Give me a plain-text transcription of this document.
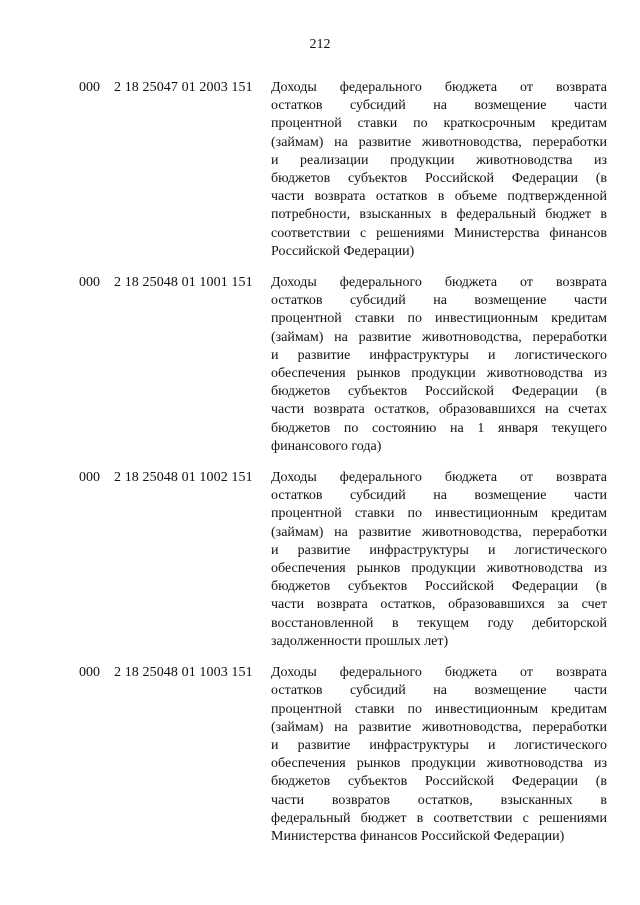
212
000 2 18 25047 01 2003 151 Доходы федерального бюджета от возврата
остатков субсидий на возмещение части
процентной ставки по краткосрочным кредитам
(займам) на развитие животноводства, переработки
и реализации продукции животноводства из
бюджетов субъектов Российской Федерации (в
части возврата остатков в объеме подтвержденной
потребности, взысканных в федеральный бюджет в
соответствии с решениями Министерства финансов
Российской Федерации)
000 2 18 25048 01 1001 151 Доходы федерального бюджета от возврата
остатков субсидий на возмещение части
процентной ставки по инвестиционным кредитам
(займам) на развитие животноводства, переработки
и развитие инфраструктуры и логистического
обеспечения рынков продукции животноводства из
бюджетов субъектов Российской Федерации (в
части возврата остатков, образовавшихся на счетах
бюджетов по состоянию на 1 января текущего
финансового года)
000 2 18 25048 01 1002 151 Доходы федерального бюджета от возврата
остатков субсидий на возмещение части
процентной ставки по инвестиционным кредитам
(займам) на развитие животноводства, переработки
и развитие инфраструктуры и логистического
обеспечения рынков продукции животноводства из
бюджетов субъектов Российской Федерации (в
части возврата остатков, образовавшихся за счет
восстановленной в текущем году дебиторской
задолженности прошлых лет)
000 2 18 25048 01 1003 151 Доходы федерального бюджета от возврата
остатков субсидий на возмещение части
процентной ставки по инвестиционным кредитам
(займам) на развитие животноводства, переработки
и развитие инфраструктуры и логистического
обеспечения рынков продукции животноводства из
бюджетов субъектов Российской Федерации (в
части возвратов остатков, взысканных в
федеральный бюджет в соответствии с решениями
Министерства финансов Российской Федерации)
